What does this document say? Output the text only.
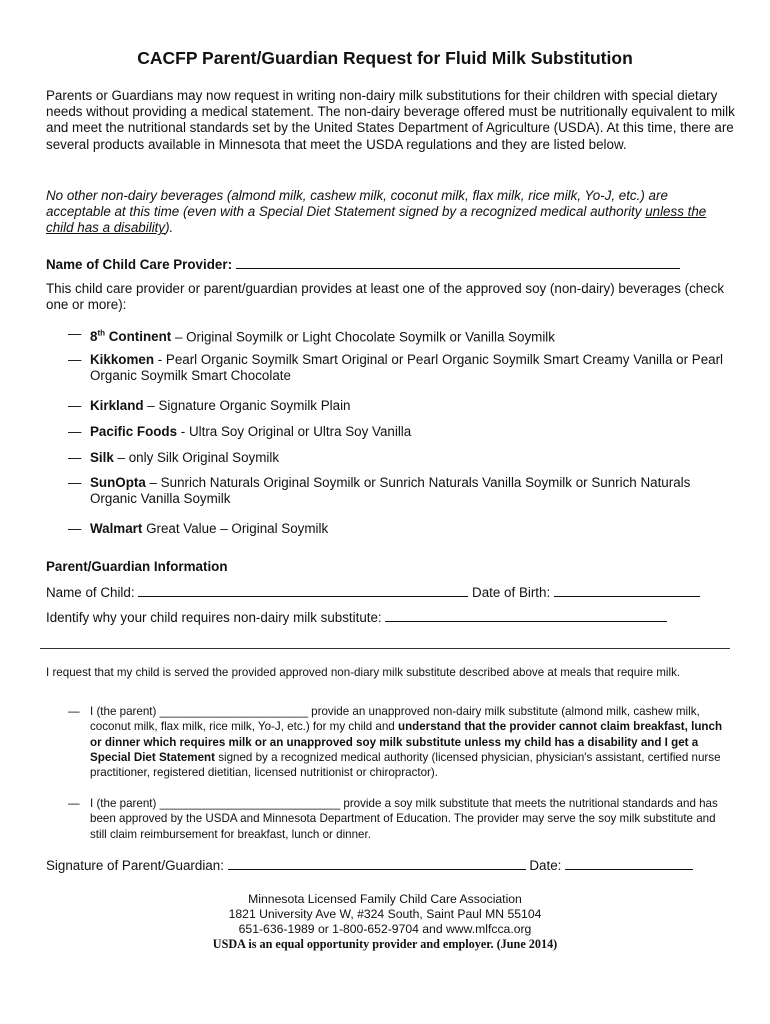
CACFP Parent/Guardian Request for Fluid Milk Substitution
Parents or Guardians may now request in writing non-dairy milk substitutions for their children with special dietary needs without providing a medical statement. The non-dairy beverage offered must be nutritionally equivalent to milk and meet the nutritional standards set by the United States Department of Agriculture (USDA). At this time, there are several products available in Minnesota that meet the USDA regulations and they are listed below.
No other non-dairy beverages (almond milk, cashew milk, coconut milk, flax milk, rice milk, Yo-J, etc.) are acceptable at this time (even with a Special Diet Statement signed by a recognized medical authority unless the child has a disability).
Name of Child Care Provider:
This child care provider or parent/guardian provides at least one of the approved soy (non-dairy) beverages (check one or more):
— 8th Continent – Original Soymilk or Light Chocolate Soymilk or Vanilla Soymilk
— Kikkomen - Pearl Organic Soymilk Smart Original or Pearl Organic Soymilk Smart Creamy Vanilla or Pearl Organic Soymilk Smart Chocolate
— Kirkland – Signature Organic Soymilk Plain
— Pacific Foods - Ultra Soy Original or Ultra Soy Vanilla
— Silk – only Silk Original Soymilk
— SunOpta – Sunrich Naturals Original Soymilk or Sunrich Naturals Vanilla Soymilk or Sunrich Naturals Organic Vanilla Soymilk
— Walmart Great Value – Original Soymilk
Parent/Guardian Information
Name of Child:	Date of Birth:
Identify why your child requires non-dairy milk substitute:
I request that my child is served the provided approved non-diary milk substitute described above at meals that require milk.
— I (the parent) _______________________ provide an unapproved non-dairy milk substitute (almond milk, cashew milk, coconut milk, flax milk, rice milk, Yo-J, etc.) for my child and understand that the provider cannot claim breakfast, lunch or dinner which requires milk or an unapproved soy milk substitute unless my child has a disability and I get a Special Diet Statement signed by a recognized medical authority (licensed physician, physician's assistant, certified nurse practitioner, registered dietitian, licensed nutritionist or chiropractor).
— I (the parent) ____________________________ provide a soy milk substitute that meets the nutritional standards and has been approved by the USDA and Minnesota Department of Education. The provider may serve the soy milk substitute and still claim reimbursement for breakfast, lunch or dinner.
Signature of Parent/Guardian:	Date:
Minnesota Licensed Family Child Care Association
1821 University Ave W, #324 South, Saint Paul MN 55104
651-636-1989 or 1-800-652-9704 and www.mlfcca.org
USDA is an equal opportunity provider and employer. (June 2014)
